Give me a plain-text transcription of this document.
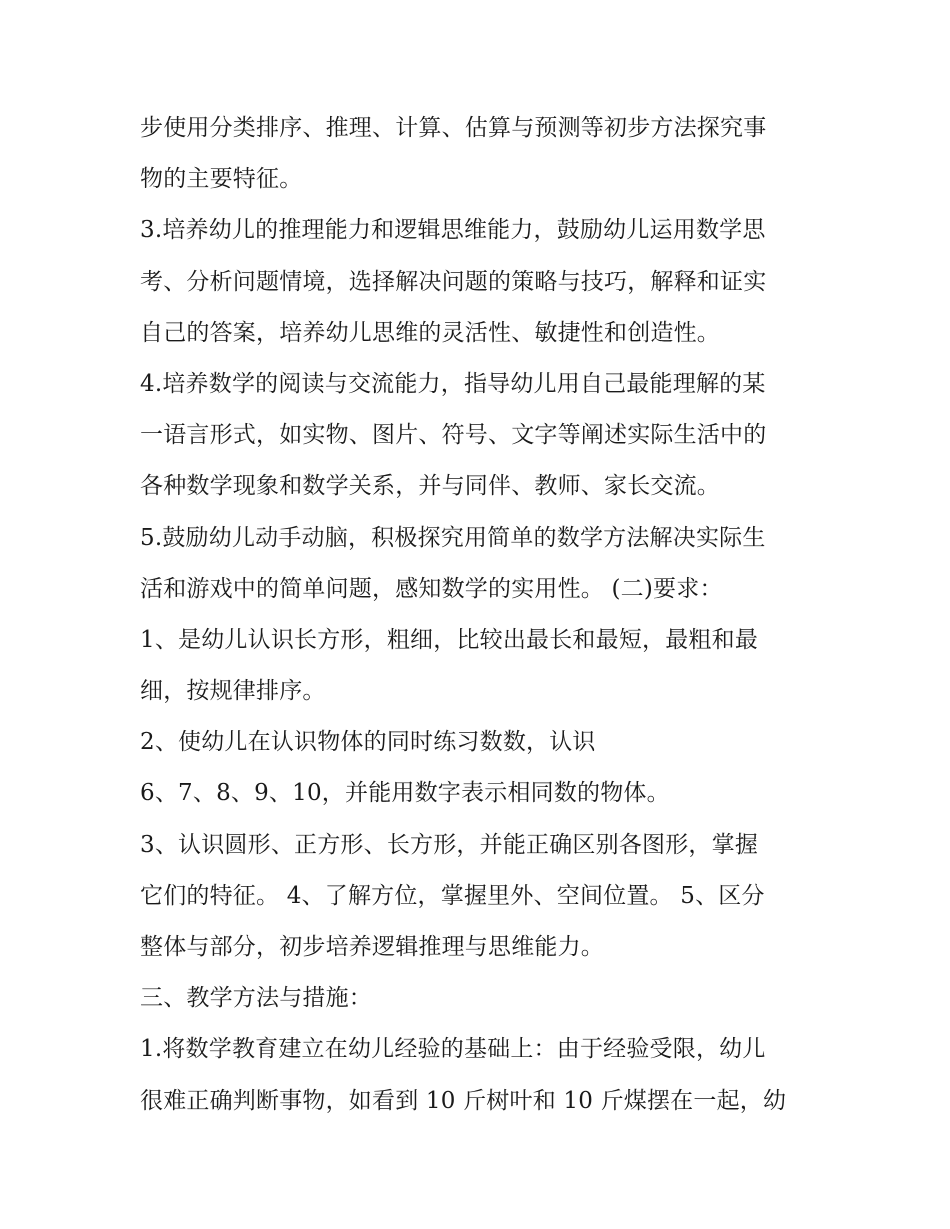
步使用分类排序、推理、计算、估算与预测等初步方法探究事
物的主要特征。
3.培养幼儿的推理能力和逻辑思维能力，鼓励幼儿运用数学思
考、分析问题情境，选择解决问题的策略与技巧，解释和证实
自己的答案，培养幼儿思维的灵活性、敏捷性和创造性。
4.培养数学的阅读与交流能力，指导幼儿用自己最能理解的某
一语言形式，如实物、图片、符号、文字等阐述实际生活中的
各种数学现象和数学关系，并与同伴、教师、家长交流。
5.鼓励幼儿动手动脑，积极探究用简单的数学方法解决实际生
活和游戏中的简单问题，感知数学的实用性。 (二)要求：
1、是幼儿认识长方形，粗细，比较出最长和最短，最粗和最
细，按规律排序。
2、使幼儿在认识物体的同时练习数数，认识
6、7、8、9、10，并能用数字表示相同数的物体。
3、认识圆形、正方形、长方形，并能正确区别各图形，掌握
它们的特征。 4、了解方位，掌握里外、空间位置。 5、区分
整体与部分，初步培养逻辑推理与思维能力。
三、教学方法与措施：
1.将数学教育建立在幼儿经验的基础上：由于经验受限，幼儿
很难正确判断事物，如看到 10 斤树叶和 10 斤煤摆在一起，幼
